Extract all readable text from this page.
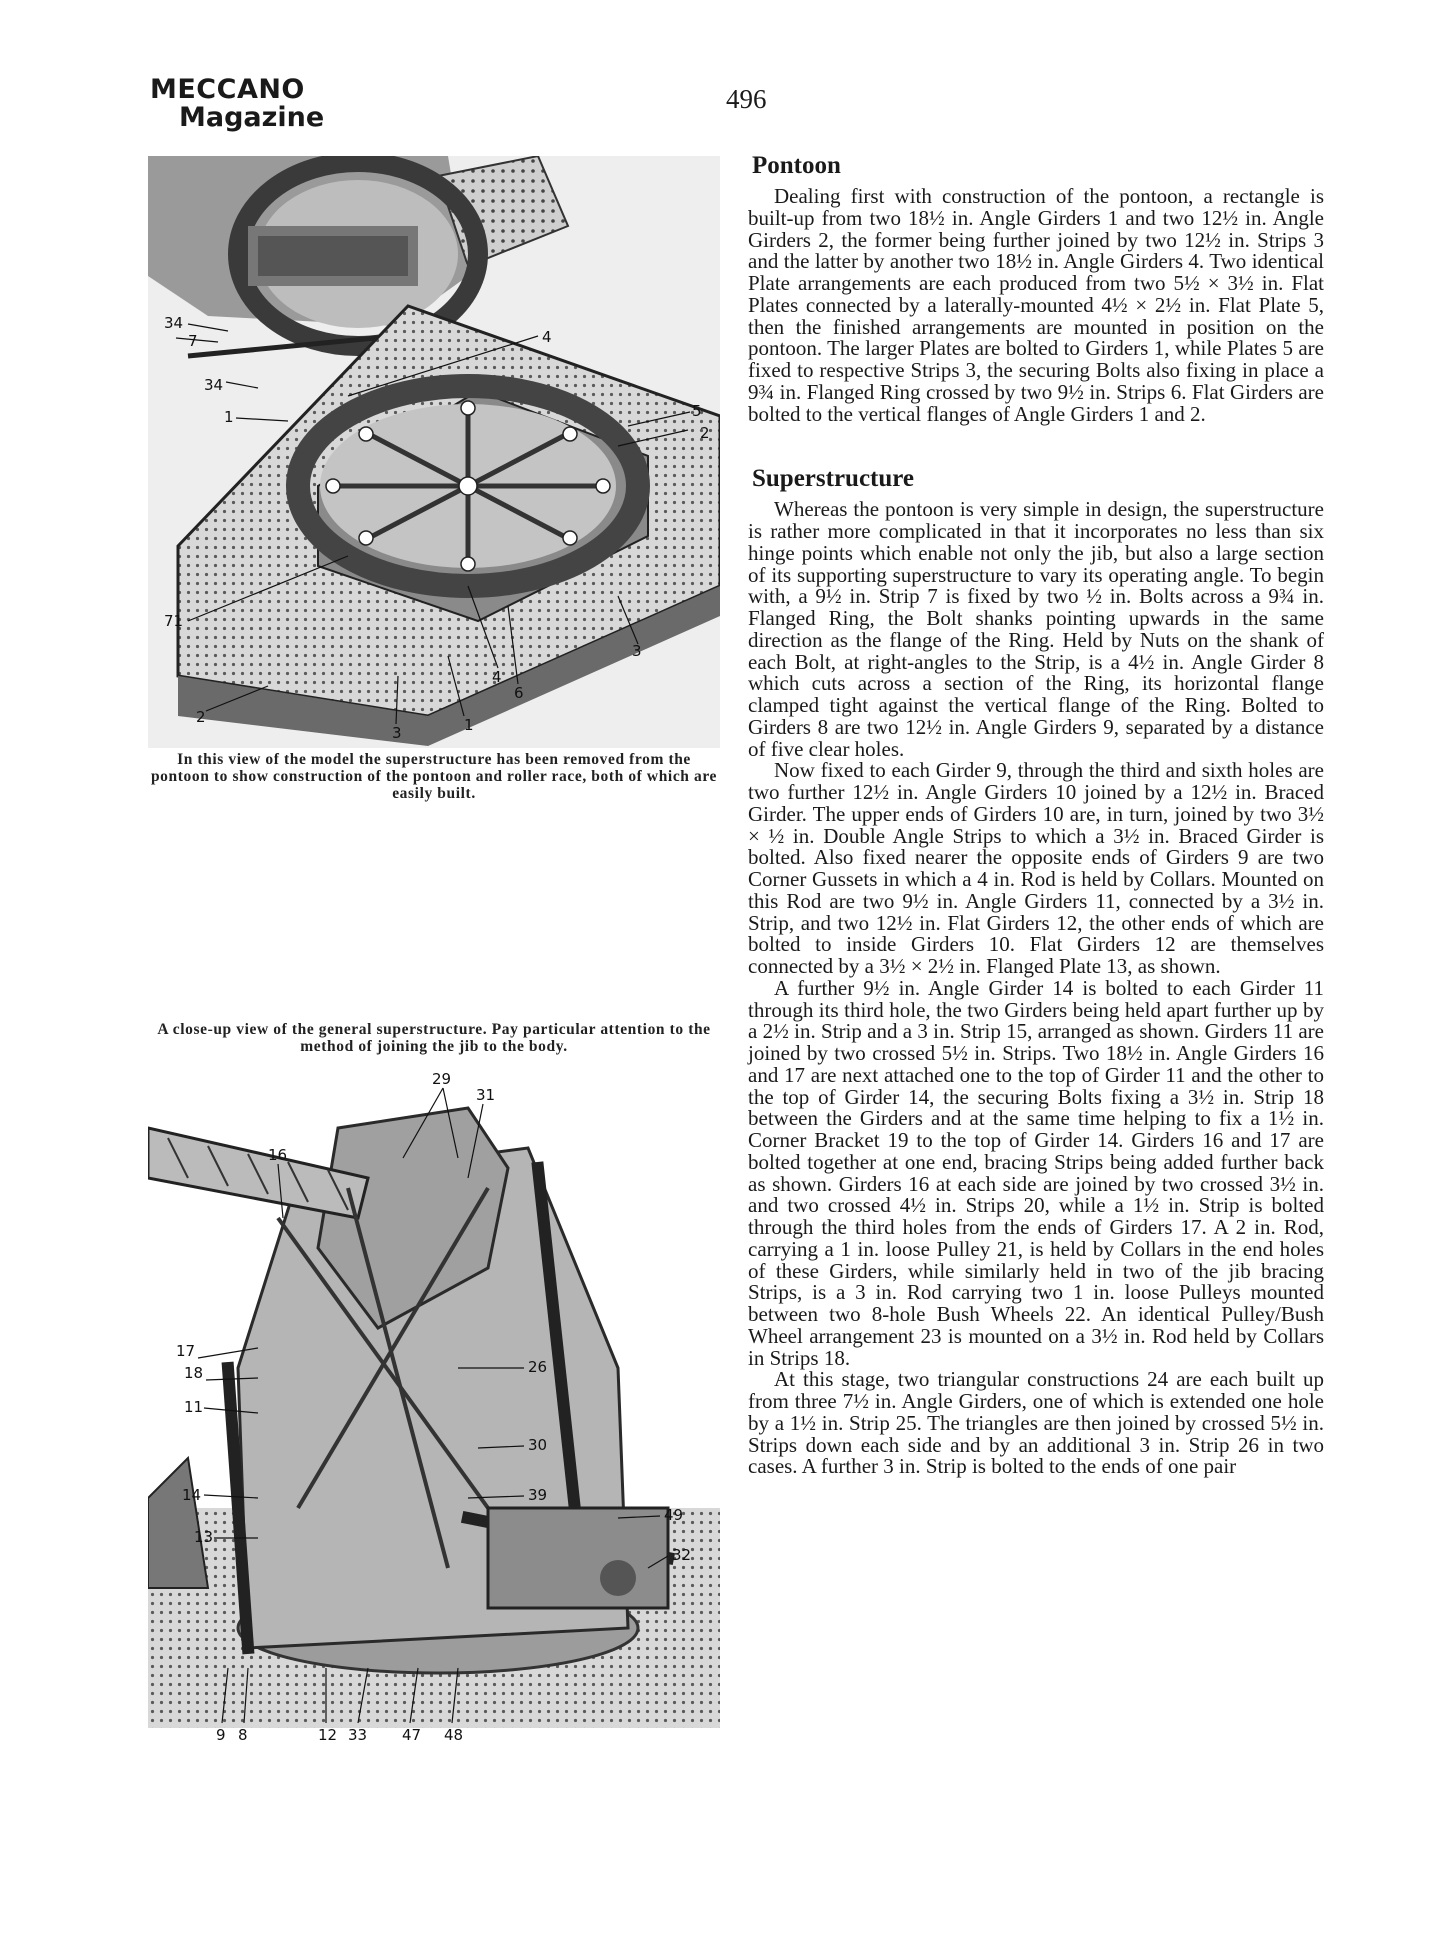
MECCANO
Magazine
496
34
7
34
1
4
5
2
71
4
3
6
2
3	1
In this view of the model the superstructure has been removed from the pontoon to show construction of the pontoon and roller race, both of which are easily built.
A close-up view of the general superstructure. Pay particular attention to the method of joining the jib to the body.
29
31
16
17
18	26
11
30
14	39
49
13
32
9 8	12 33 47 48
Pontoon

Dealing first with construction of the pontoon, a rectangle is built-up from two 18½ in. Angle Girders 1 and two 12½ in. Angle Girders 2, the former being further joined by two 12½ in. Strips 3 and the latter by another two 18½ in. Angle Girders 4. Two identical Plate arrangements are each produced from two 5½ × 3½ in. Flat Plates connected by a laterally-mounted 4½ × 2½ in. Flat Plate 5, then the finished arrangements are mounted in position on the pontoon. The larger Plates are bolted to Girders 1, while Plates 5 are fixed to respective Strips 3, the securing Bolts also fixing in place a 9¾ in. Flanged Ring crossed by two 9½ in. Strips 6. Flat Girders are bolted to the vertical flanges of Angle Girders 1 and 2.

Superstructure

Whereas the pontoon is very simple in design, the superstructure is rather more complicated in that it incorporates no less than six hinge points which enable not only the jib, but also a large section of its supporting superstructure to vary its operating angle. To begin with, a 9½ in. Strip 7 is fixed by two ½ in. Bolts across a 9¾ in. Flanged Ring, the Bolt shanks pointing upwards in the same direction as the flange of the Ring. Held by Nuts on the shank of each Bolt, at right-angles to the Strip, is a 4½ in. Angle Girder 8 which cuts across a section of the Ring, its horizontal flange clamped tight against the vertical flange of the Ring. Bolted to Girders 8 are two 12½ in. Angle Girders 9, separated by a distance of five clear holes.

Now fixed to each Girder 9, through the third and sixth holes are two further 12½ in. Angle Girders 10 joined by a 12½ in. Braced Girder. The upper ends of Girders 10 are, in turn, joined by two 3½ × ½ in. Double Angle Strips to which a 3½ in. Braced Girder is bolted. Also fixed nearer the opposite ends of Girders 9 are two Corner Gussets in which a 4 in. Rod is held by Collars. Mounted on this Rod are two 9½ in. Angle Girders 11, connected by a 3½ in. Strip, and two 12½ in. Flat Girders 12, the other ends of which are bolted to inside Girders 10. Flat Girders 12 are themselves connected by a 3½ × 2½ in. Flanged Plate 13, as shown.

A further 9½ in. Angle Girder 14 is bolted to each Girder 11 through its third hole, the two Girders being held apart further up by a 2½ in. Strip and a 3 in. Strip 15, arranged as shown. Girders 11 are joined by two crossed 5½ in. Strips. Two 18½ in. Angle Girders 16 and 17 are next attached one to the top of Girder 11 and the other to the top of Girder 14, the securing Bolts fixing a 3½ in. Strip 18 between the Girders and at the same time helping to fix a 1½ in. Corner Bracket 19 to the top of Girder 14. Girders 16 and 17 are bolted together at one end, bracing Strips being added further back as shown. Girders 16 at each side are joined by two crossed 3½ in. and two crossed 4½ in. Strips 20, while a 1½ in. Strip is bolted through the third holes from the ends of Girders 17. A 2 in. Rod, carrying a 1 in. loose Pulley 21, is held by Collars in the end holes of these Girders, while similarly held in two of the jib bracing Strips, is a 3 in. Rod carrying two 1 in. loose Pulleys mounted between two 8-hole Bush Wheels 22. An identical Pulley/Bush Wheel arrangement 23 is mounted on a 3½ in. Rod held by Collars in Strips 18.

At this stage, two triangular constructions 24 are each built up from three 7½ in. Angle Girders, one of which is extended one hole by a 1½ in. Strip 25. The triangles are then joined by crossed 5½ in. Strips down each side and by an additional 3 in. Strip 26 in two cases. A further 3 in. Strip is bolted to the ends of one pair
